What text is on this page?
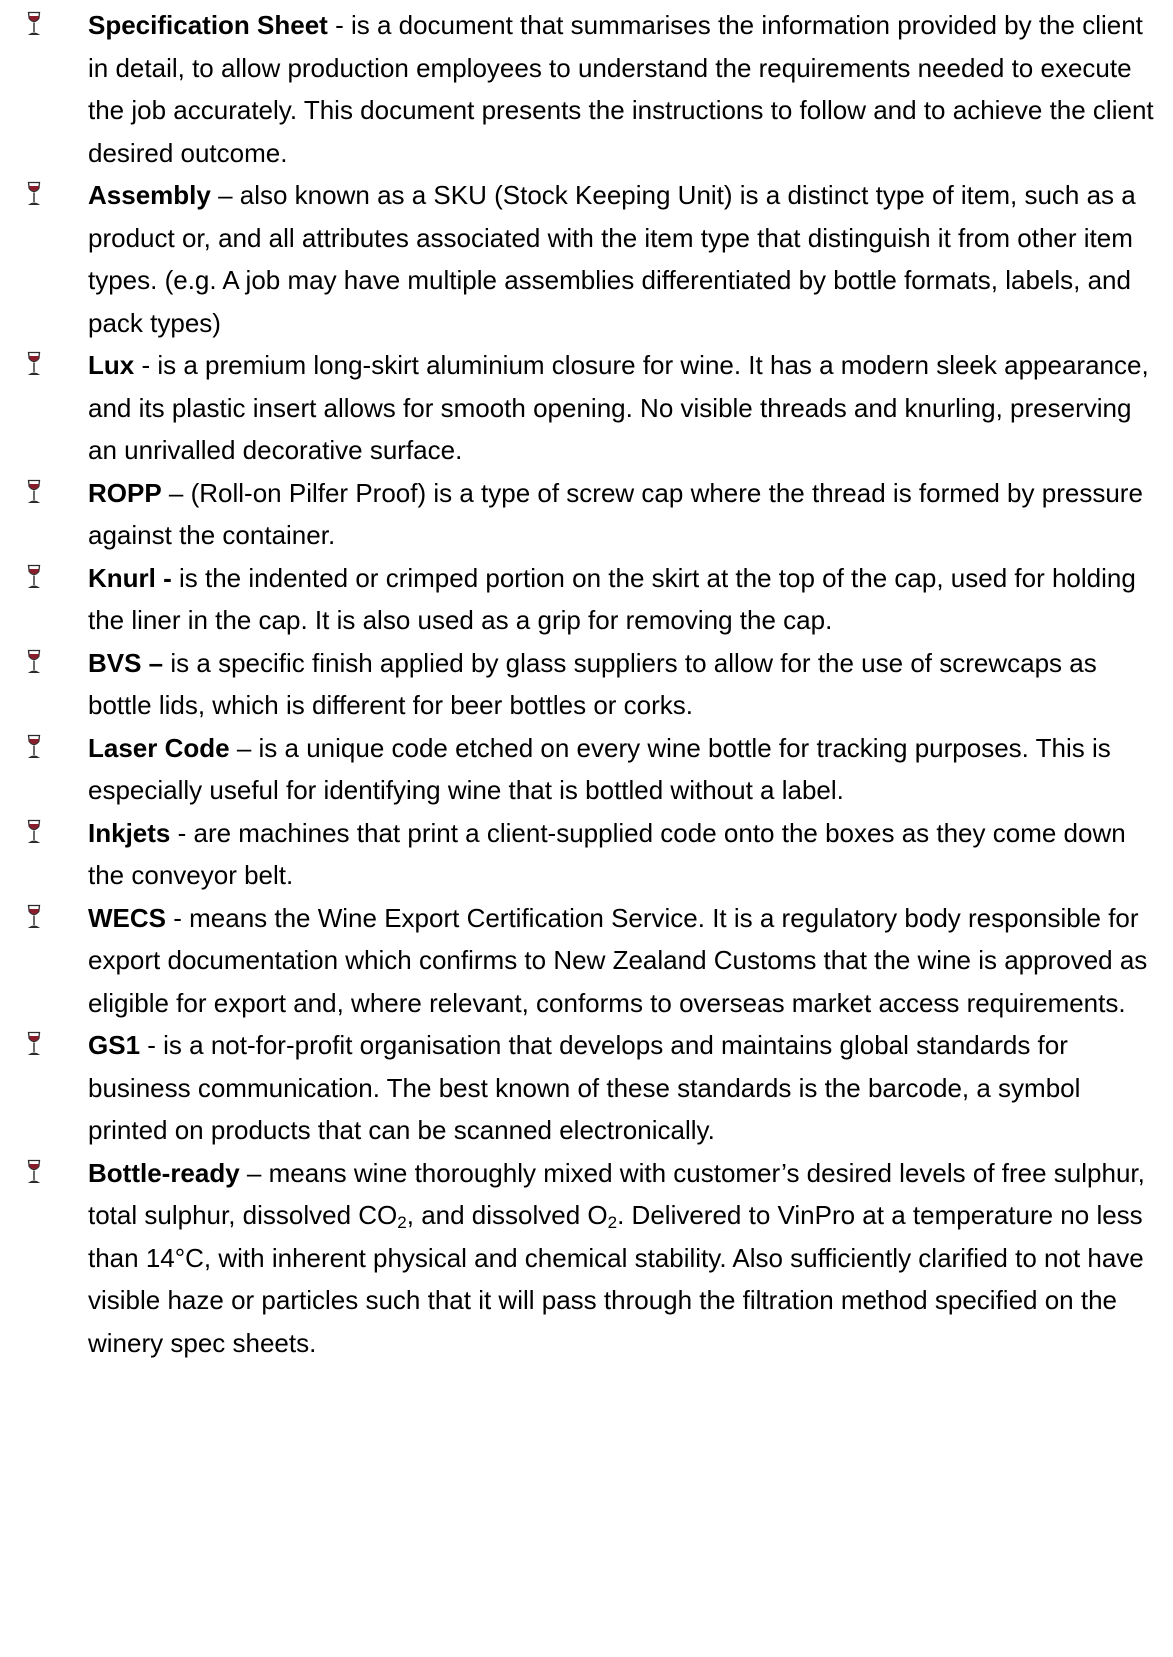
Specification Sheet - is a document that summarises the information provided by the client in detail, to allow production employees to understand the requirements needed to execute the job accurately. This document presents the instructions to follow and to achieve the client desired outcome.
Assembly – also known as a SKU (Stock Keeping Unit) is a distinct type of item, such as a product or, and all attributes associated with the item type that distinguish it from other item types. (e.g. A job may have multiple assemblies differentiated by bottle formats, labels, and pack types)
Lux - is a premium long-skirt aluminium closure for wine. It has a modern sleek appearance, and its plastic insert allows for smooth opening. No visible threads and knurling, preserving an unrivalled decorative surface.
ROPP – (Roll-on Pilfer Proof) is a type of screw cap where the thread is formed by pressure against the container.
Knurl - is the indented or crimped portion on the skirt at the top of the cap, used for holding the liner in the cap. It is also used as a grip for removing the cap.
BVS – is a specific finish applied by glass suppliers to allow for the use of screwcaps as bottle lids, which is different for beer bottles or corks.
Laser Code – is a unique code etched on every wine bottle for tracking purposes. This is especially useful for identifying wine that is bottled without a label.
Inkjets - are machines that print a client-supplied code onto the boxes as they come down the conveyor belt.
WECS - means the Wine Export Certification Service. It is a regulatory body responsible for export documentation which confirms to New Zealand Customs that the wine is approved as eligible for export and, where relevant, conforms to overseas market access requirements.
GS1 - is a not-for-profit organisation that develops and maintains global standards for business communication. The best known of these standards is the barcode, a symbol printed on products that can be scanned electronically.
Bottle-ready – means wine thoroughly mixed with customer’s desired levels of free sulphur, total sulphur, dissolved $CO_2$, and dissolved $O_2$. Delivered to VinPro at a temperature no less than 14°C, with inherent physical and chemical stability. Also sufficiently clarified to not have visible haze or particles such that it will pass through the filtration method specified on the winery spec sheets.
